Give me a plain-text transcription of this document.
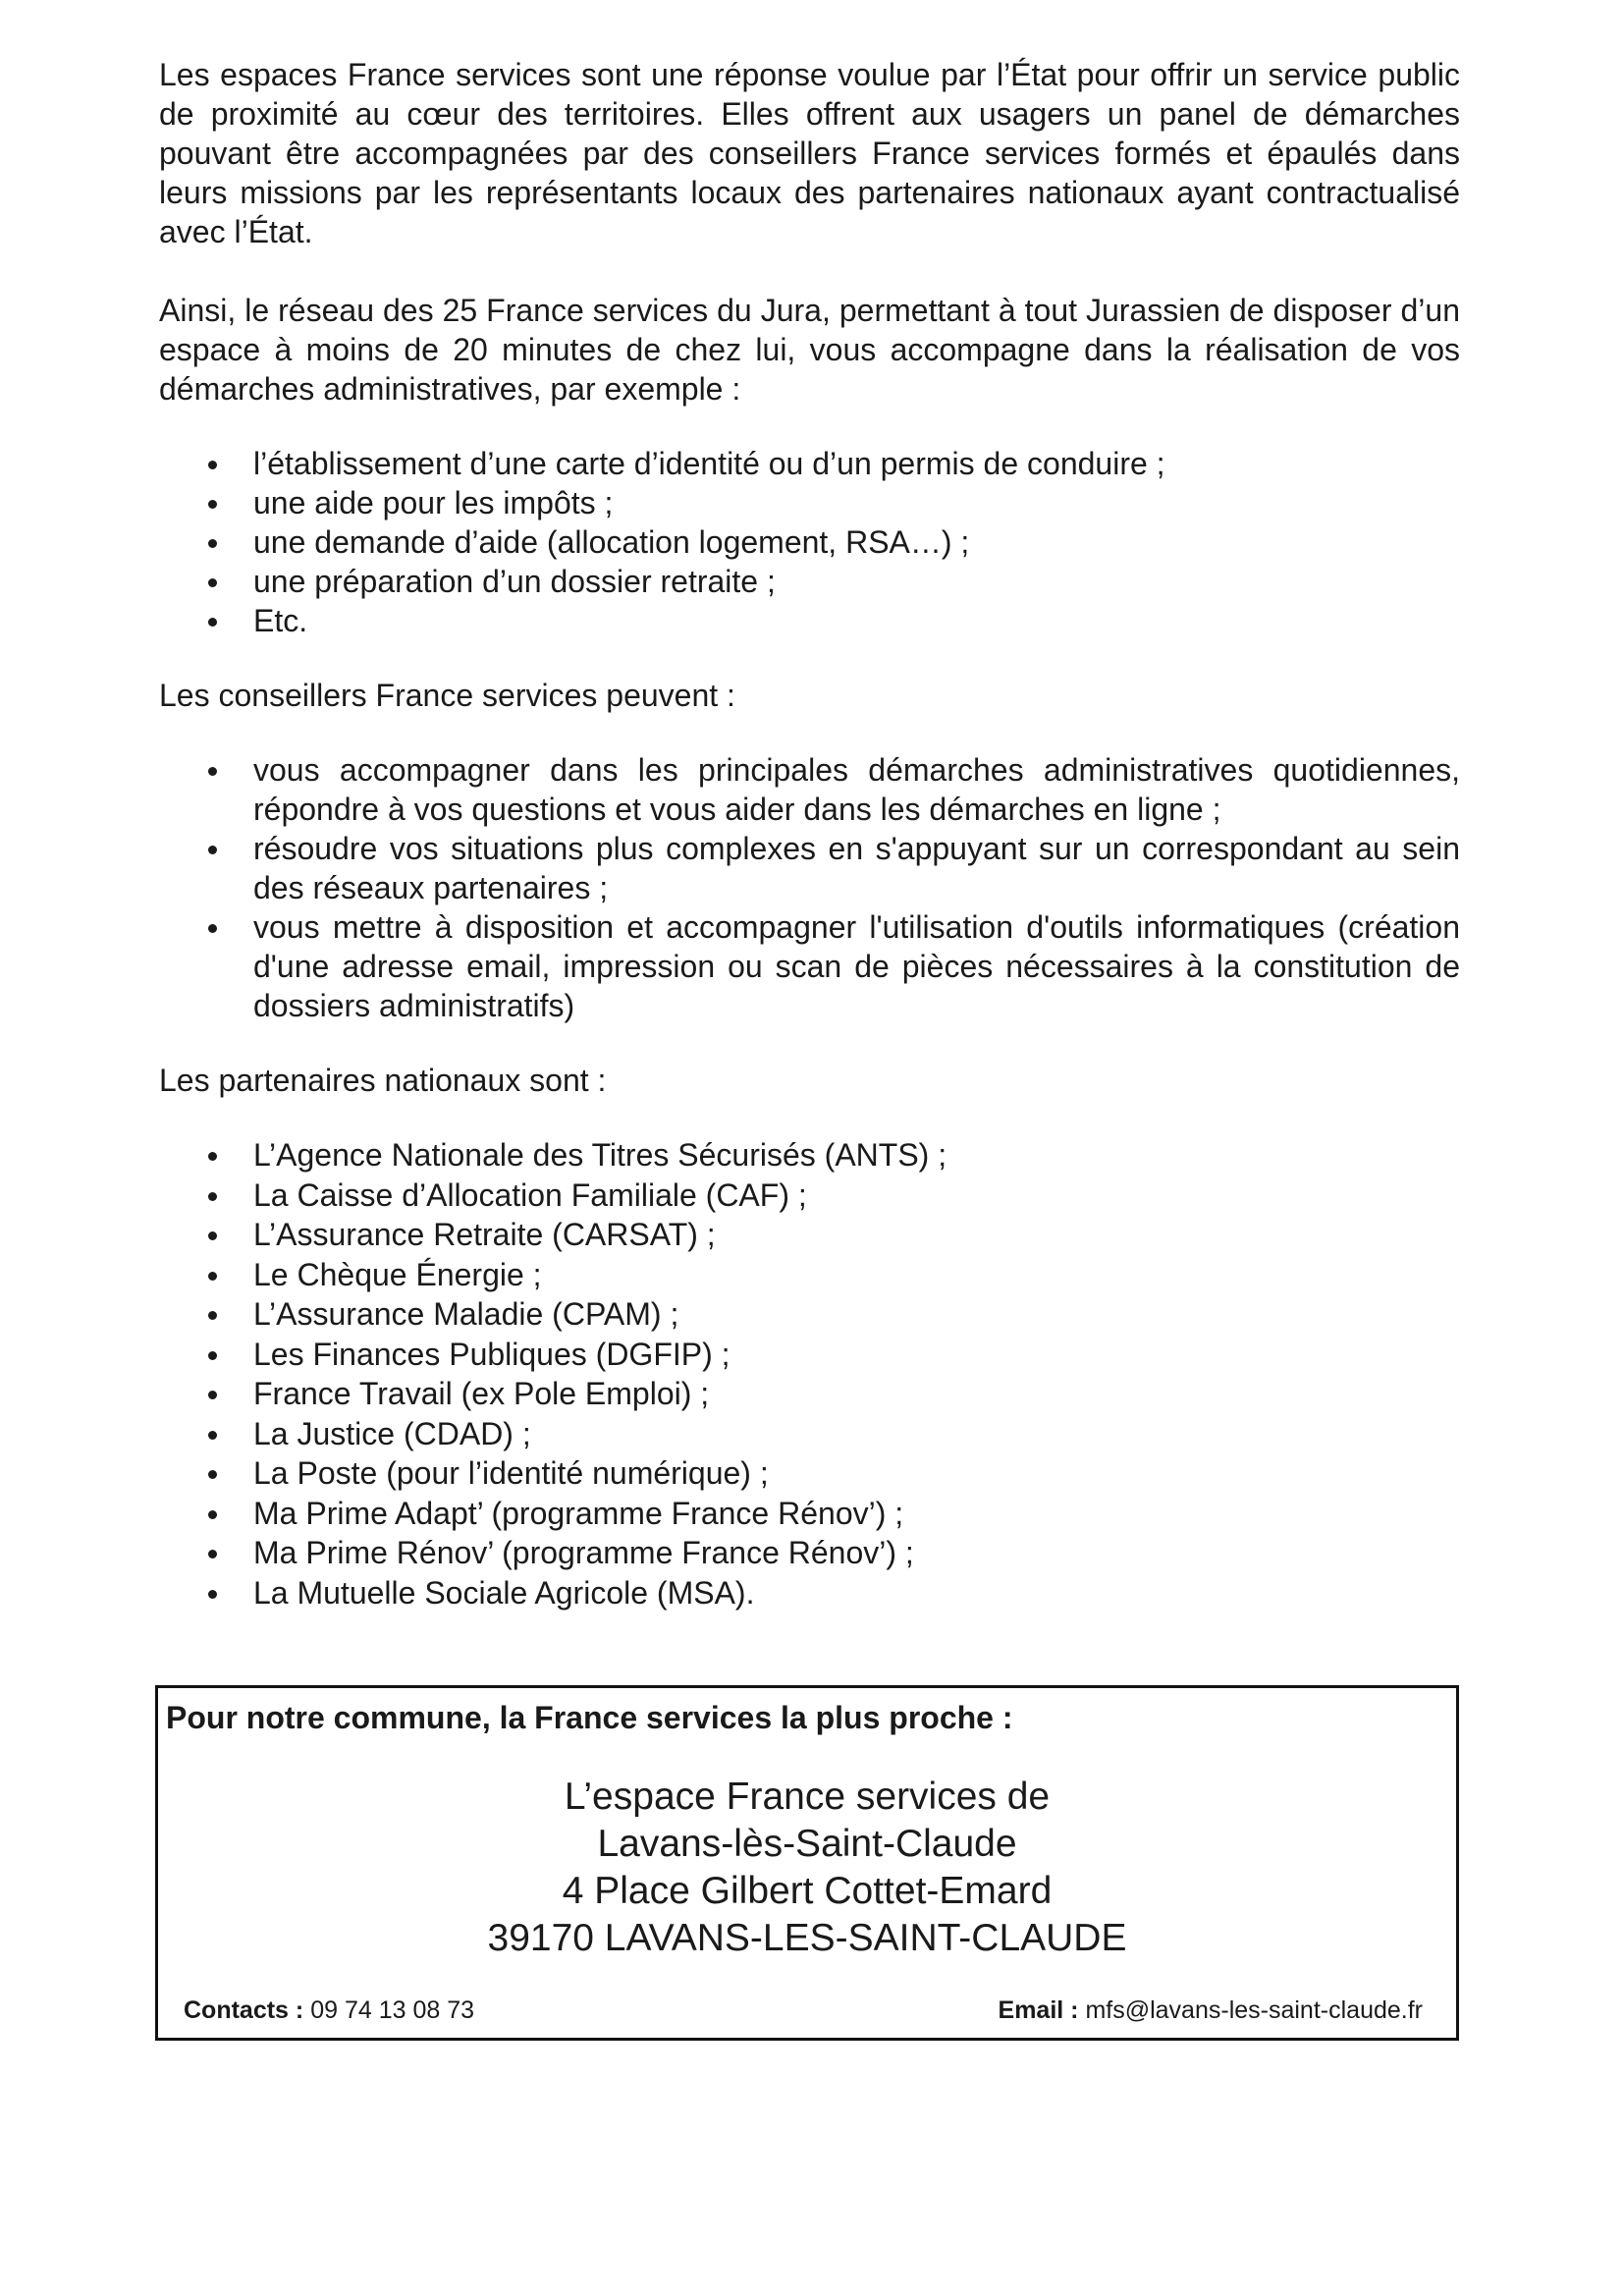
Les espaces France services sont une réponse voulue par l’État pour offrir un service public de proximité au cœur des territoires. Elles offrent aux usagers un panel de démarches pouvant être accompagnées par des conseillers France services formés et épaulés dans leurs missions par les représentants locaux des partenaires nationaux ayant contractualisé avec l’État.

Ainsi, le réseau des 25 France services du Jura, permettant à tout Jurassien de disposer d’un espace à moins de 20 minutes de chez lui, vous accompagne dans la réalisation de vos démarches administratives, par exemple :

l’établissement d’une carte d’identité ou d’un permis de conduire ;
une aide pour les impôts ;
une demande d’aide (allocation logement, RSA…) ;
une préparation d’un dossier retraite ;
Etc.

Les conseillers France services peuvent :

vous accompagner dans les principales démarches administratives quotidiennes, répondre à vos questions et vous aider dans les démarches en ligne ;
résoudre vos situations plus complexes en s'appuyant sur un correspondant au sein des réseaux partenaires ;
vous mettre à disposition et accompagner l'utilisation d'outils informatiques (création d'une adresse email, impression ou scan de pièces nécessaires à la constitution de dossiers administratifs)

Les partenaires nationaux sont :

L’Agence Nationale des Titres Sécurisés (ANTS) ;
La Caisse d’Allocation Familiale (CAF) ;
L’Assurance Retraite (CARSAT) ;
Le Chèque Énergie ;
L’Assurance Maladie (CPAM) ;
Les Finances Publiques (DGFIP) ;
France Travail (ex Pole Emploi) ;
La Justice (CDAD) ;
La Poste (pour l’identité numérique) ;
Ma Prime Adapt’ (programme France Rénov’) ;
Ma Prime Rénov’ (programme France Rénov’) ;
La Mutuelle Sociale Agricole (MSA).
Pour notre commune, la France services la plus proche :
L’espace France services de
Lavans-lès-Saint-Claude
4 Place Gilbert Cottet-Emard
39170 LAVANS-LES-SAINT-CLAUDE
Contacts : 09 74 13 08 73	Email : mfs@lavans-les-saint-claude.fr
